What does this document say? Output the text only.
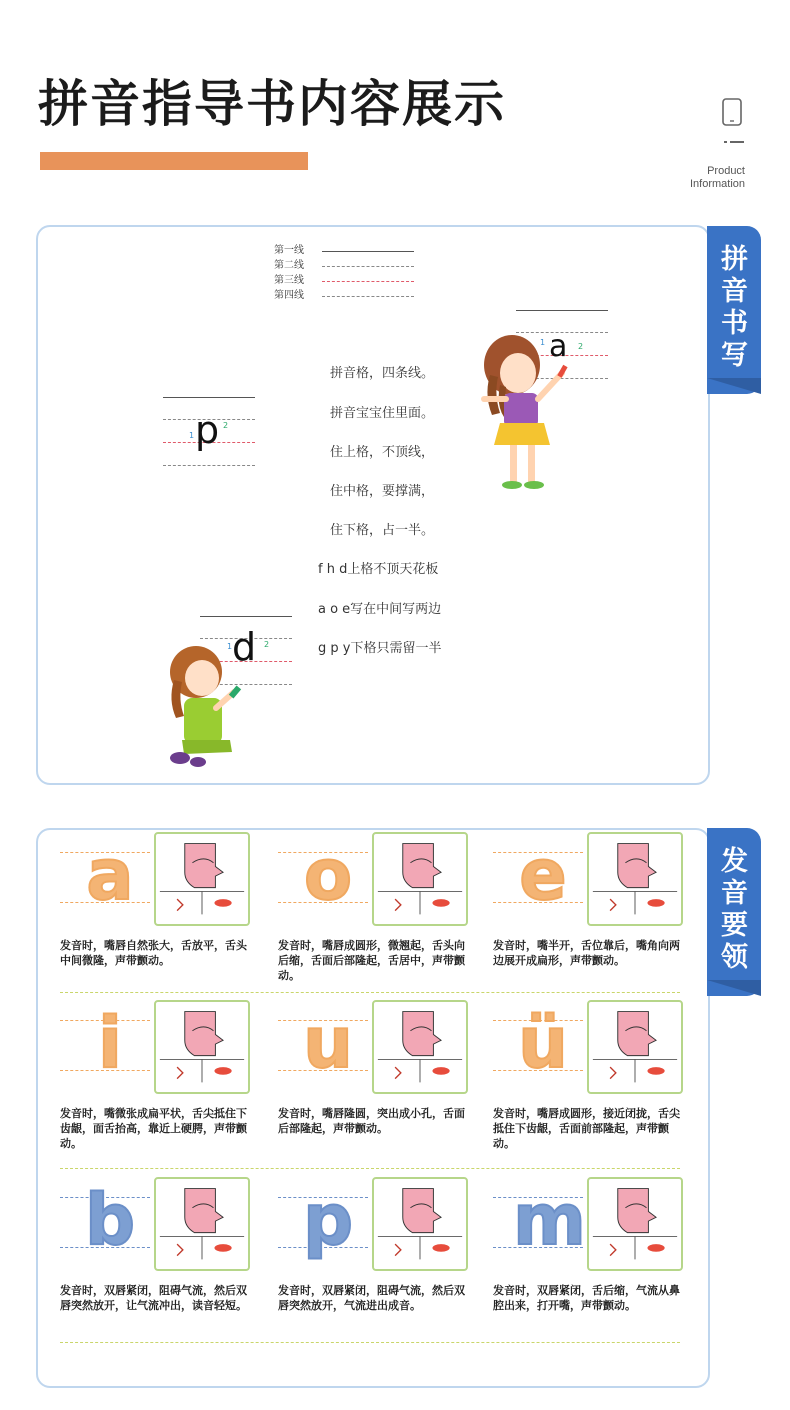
拼音指导书内容展示
Product
Information
拼音书写
第一线
第二线
第三线
第四线
拼音格，四条线。
拼音宝宝住里面。
住上格，不顶线，
住中格，要撑满，
住下格，占一半。
f h d上格不顶天花板
a o e写在中间写两边
g p y下格只需留一半
p
1
2
a
1	2
d
1	2
a
发音时，嘴唇自然张大，舌放平，舌头中间微隆，声带颤动。
o
发音时，嘴唇成圆形，微翘起，舌头向后缩，舌面后部隆起，舌居中，声带颤动。
e
发音时，嘴半开，舌位靠后，嘴角向两边展开成扁形，声带颤动。
i
发音时，嘴微张成扁平状，舌尖抵住下齿龈，面舌抬高，靠近上硬腭，声带颤动。
u
发音时，嘴唇隆圆，突出成小孔，舌面后部隆起，声带颤动。
ü
发音时，嘴唇成圆形，接近闭拢，舌尖抵住下齿龈，舌面前部隆起，声带颤动。
b
发音时，双唇紧闭，阻碍气流，然后双唇突然放开，让气流冲出，读音轻短。
p
发音时，双唇紧闭，阻碍气流，然后双唇突然放开，气流进出成音。
m
发音时，双唇紧闭，舌后缩，气流从鼻腔出来，打开嘴，声带颤动。
发音要领
